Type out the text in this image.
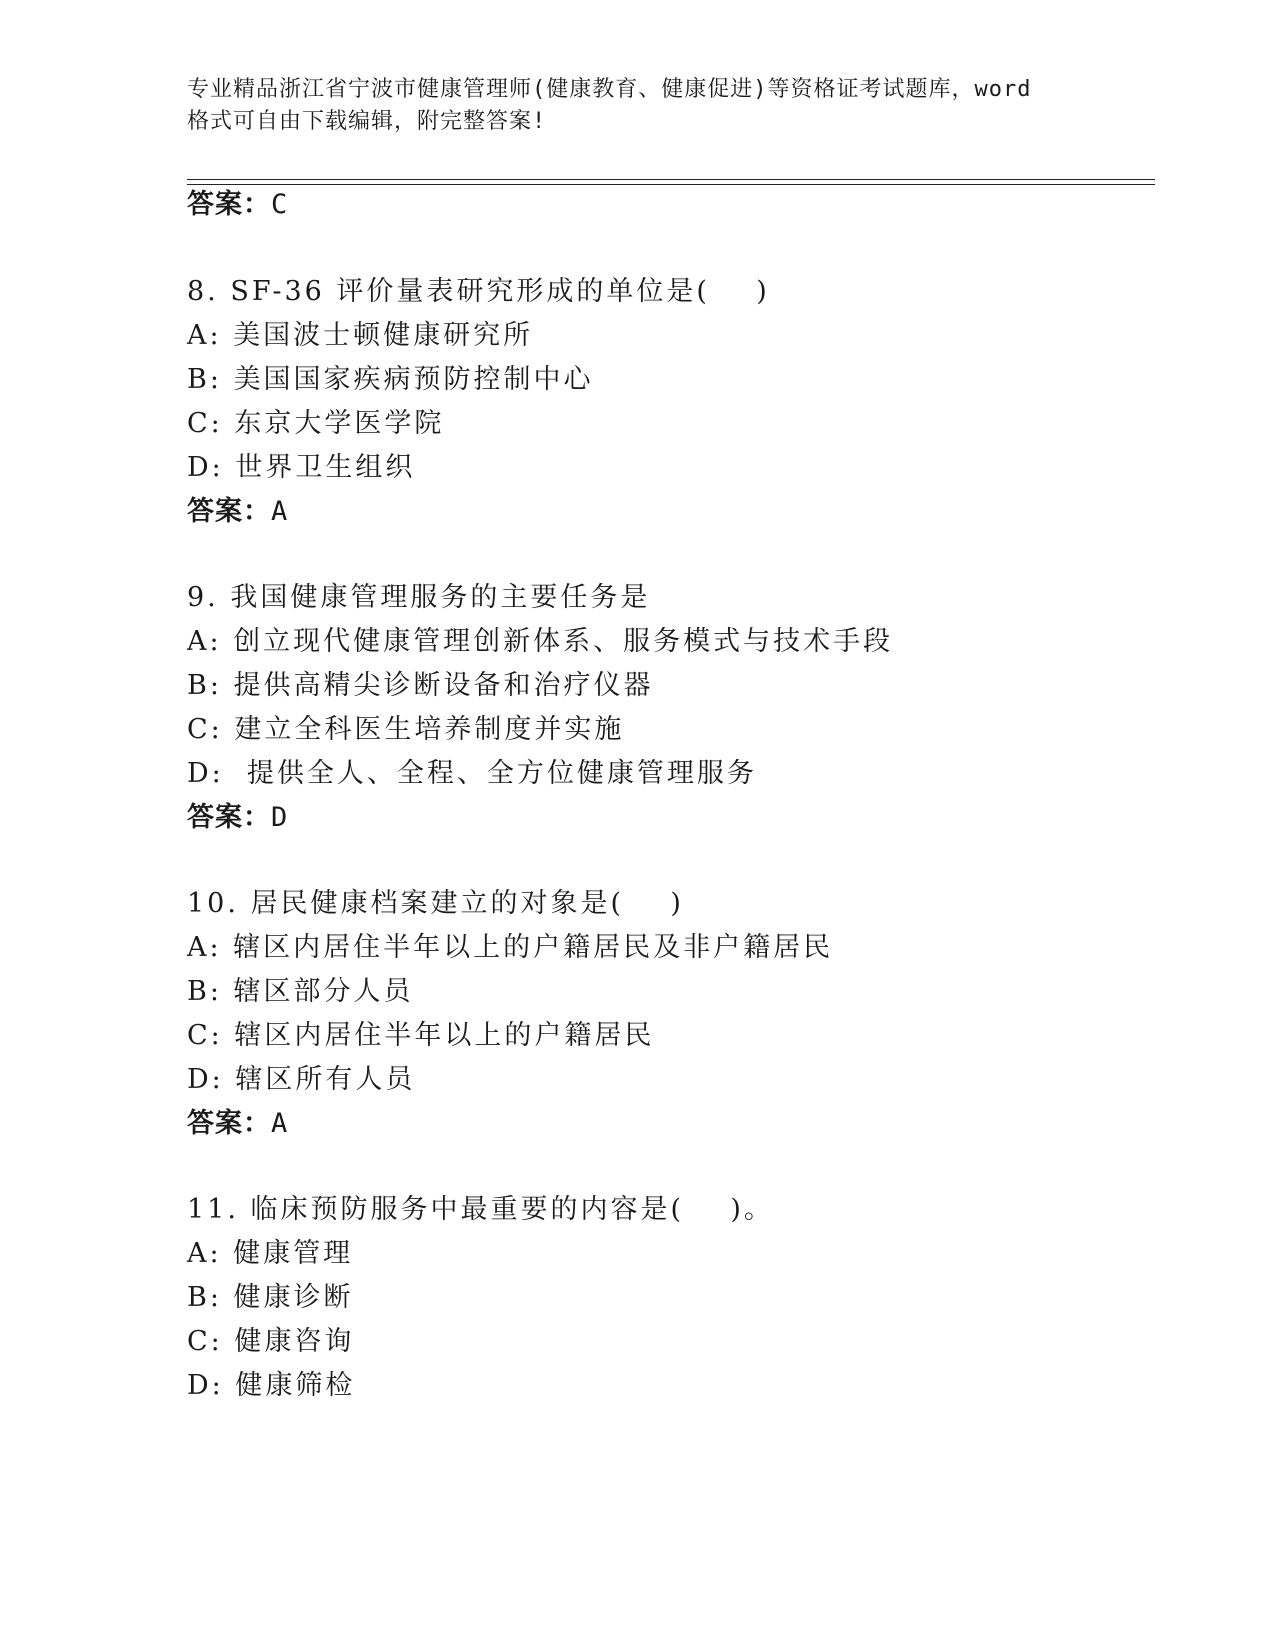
专业精品浙江省宁波市健康管理师(健康教育、健康促进)等资格证考试题库，word
格式可自由下载编辑，附完整答案!
答案：C
8. SF-36 评价量表研究形成的单位是(    )
A: 美国波士顿健康研究所
B: 美国国家疾病预防控制中心
C: 东京大学医学院
D: 世界卫生组织
答案：A
9. 我国健康管理服务的主要任务是
A: 创立现代健康管理创新体系、服务模式与技术手段
B: 提供高精尖诊断设备和治疗仪器
C: 建立全科医生培养制度并实施
D:  提供全人、全程、全方位健康管理服务
答案：D
10. 居民健康档案建立的对象是(    )
A: 辖区内居住半年以上的户籍居民及非户籍居民
B: 辖区部分人员
C: 辖区内居住半年以上的户籍居民
D: 辖区所有人员
答案：A
11. 临床预防服务中最重要的内容是(    )。
A: 健康管理
B: 健康诊断
C: 健康咨询
D: 健康筛检
